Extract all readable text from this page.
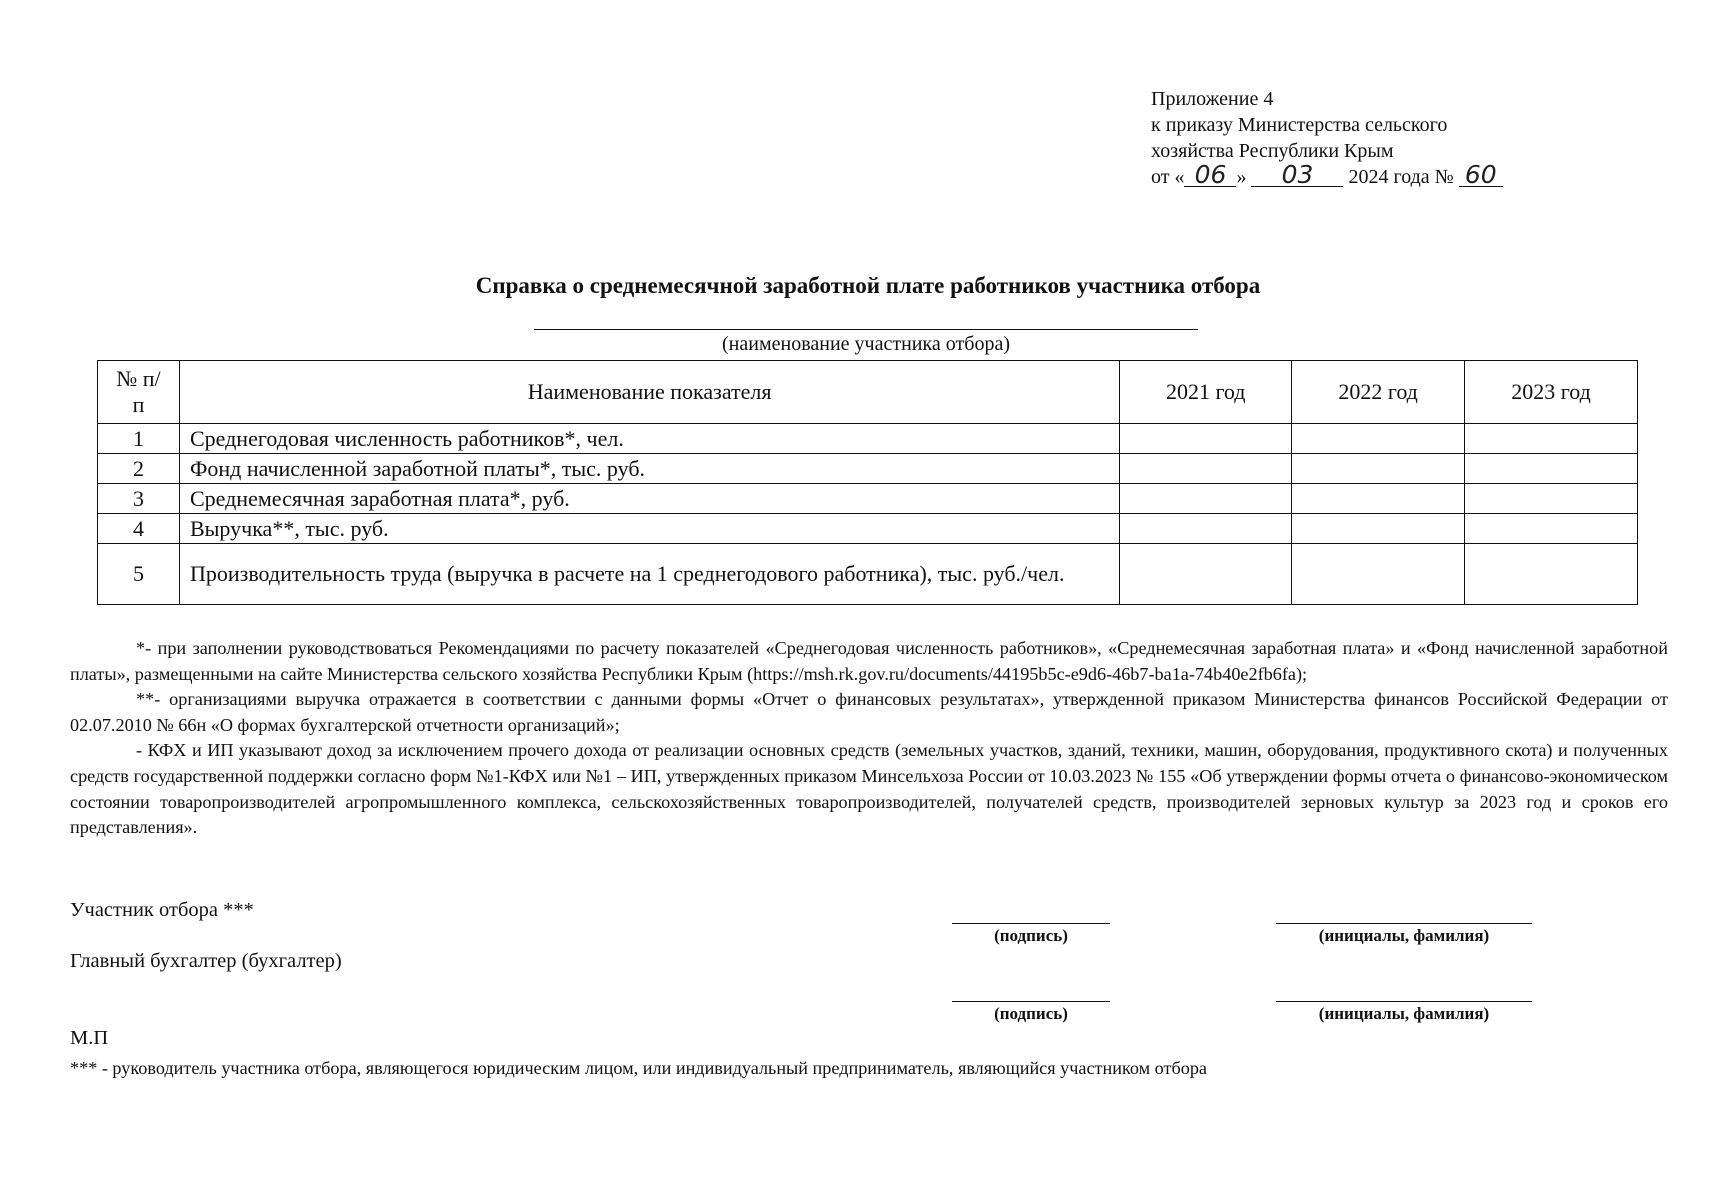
Приложение 4
к приказу Министерства сельского
хозяйства Республики Крым
от « 06 » 03 2024 года № 60
Справка о среднемесячной заработной плате работников участника отбора
(наименование участника отбора)
№ п/п	Наименование показателя	2021 год	2022 год	2023 год
1	Среднегодовая численность работников*, чел.			
2	Фонд начисленной заработной платы*, тыс. руб.			
3	Среднемесячная заработная плата*, руб.			
4	Выручка**, тыс. руб.			
5	Производительность труда (выручка в расчете на 1 среднегодового работника), тыс. руб./чел.			

*- при заполнении руководствоваться Рекомендациями по расчету показателей «Среднегодовая численность работников», «Среднемесячная заработная плата» и «Фонд начисленной заработной платы», размещенными на сайте Министерства сельского хозяйства Республики Крым (https://msh.rk.gov.ru/documents/44195b5c-e9d6-46b7-ba1a-74b40e2fb6fa);

**- организациями выручка отражается в соответствии с данными формы «Отчет о финансовых результатах», утвержденной приказом Министерства финансов Российской Федерации от 02.07.2010 № 66н «О формах бухгалтерской отчетности организаций»;

- КФХ и ИП указывают доход за исключением прочего дохода от реализации основных средств (земельных участков, зданий, техники, машин, оборудования, продуктивного скота) и полученных средств государственной поддержки согласно форм №1-КФХ или №1 – ИП, утвержденных приказом Минсельхоза России от 10.03.2023 № 155 «Об утверждении формы отчета о финансово-экономическом состоянии товаропроизводителей агропромышленного комплекса, сельскохозяйственных товаропроизводителей, получателей средств, производителей зерновых культур за 2023 год и сроков его представления».

Участник отбора ***
(подпись)	(инициалы, фамилия)
Главный бухгалтер (бухгалтер)
(подпись)	(инициалы, фамилия)
М.П
*** - руководитель участника отбора, являющегося юридическим лицом, или индивидуальный предприниматель, являющийся участником отбора
